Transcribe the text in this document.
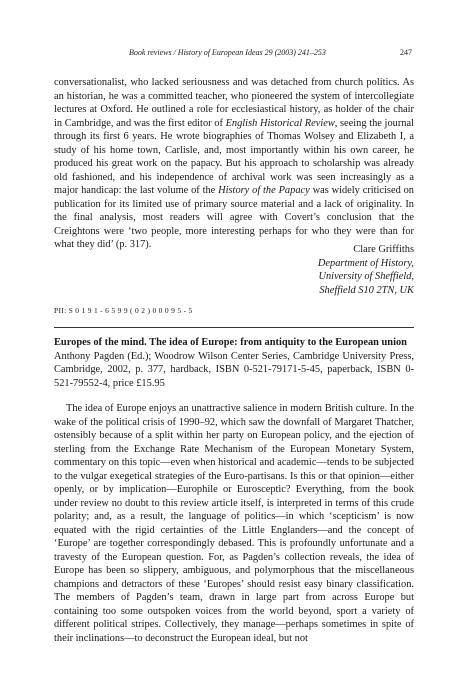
Book reviews / History of European Ideas 29 (2003) 241–253	247
conversationalist, who lacked seriousness and was detached from church politics. As an historian, he was a committed teacher, who pioneered the system of intercollegiate lectures at Oxford. He outlined a role for ecclesiastical history, as holder of the chair in Cambridge, and was the first editor of English Historical Review, seeing the journal through its first 6 years. He wrote biographies of Thomas Wolsey and Elizabeth I, a study of his home town, Carlisle, and, most importantly within his own career, he produced his great work on the papacy. But his approach to scholarship was already old fashioned, and his independence of archival work was seen increasingly as a major handicap: the last volume of the History of the Papacy was widely criticised on publication for its limited use of primary source material and a lack of originality. In the final analysis, most readers will agree with Covert’s conclusion that the Creightons were ‘two people, more interesting perhaps for who they were than for what they did’ (p. 317).	Clare Griffiths
Department of History,
University of Sheffield,
Sheffield S10 2TN, UK
PII: S 0 1 9 1 - 6 5 9 9 ( 0 2 ) 0 0 0 9 5 - 5
Europes of the mind. The idea of Europe: from antiquity to the European union
Anthony Pagden (Ed.); Woodrow Wilson Center Series, Cambridge University Press, Cambridge, 2002, p. 377, hardback, ISBN 0-521-79171-5-45, paperback, ISBN 0-521-79552-4, price £15.95
The idea of Europe enjoys an unattractive salience in modern British culture. In the wake of the political crisis of 1990–92, which saw the downfall of Margaret Thatcher, ostensibly because of a split within her party on European policy, and the ejection of sterling from the Exchange Rate Mechanism of the European Monetary System, commentary on this topic—even when historical and academic—tends to be subjected to the vulgar exegetical strategies of the Euro-partisans. Is this or that opinion—either openly, or by implication—Europhile or Eurosceptic? Everything, from the book under review no doubt to this review article itself, is interpreted in terms of this crude polarity; and, as a result, the language of politics—in which ‘scepticism’ is now equated with the rigid certainties of the Little Englanders—and the concept of ‘Europe’ are together correspondingly debased. This is profoundly unfortunate and a travesty of the European question. For, as Pagden’s collection reveals, the idea of Europe has been so slippery, ambiguous, and polymorphous that the miscellaneous champions and detractors of these ‘Europes’ should resist easy binary classification. The members of Pagden’s team, drawn in large part from across Europe but containing too some outspoken voices from the world beyond, sport a variety of different political stripes. Collectively, they manage—perhaps sometimes in spite of their inclinations—to deconstruct the European ideal, but not
